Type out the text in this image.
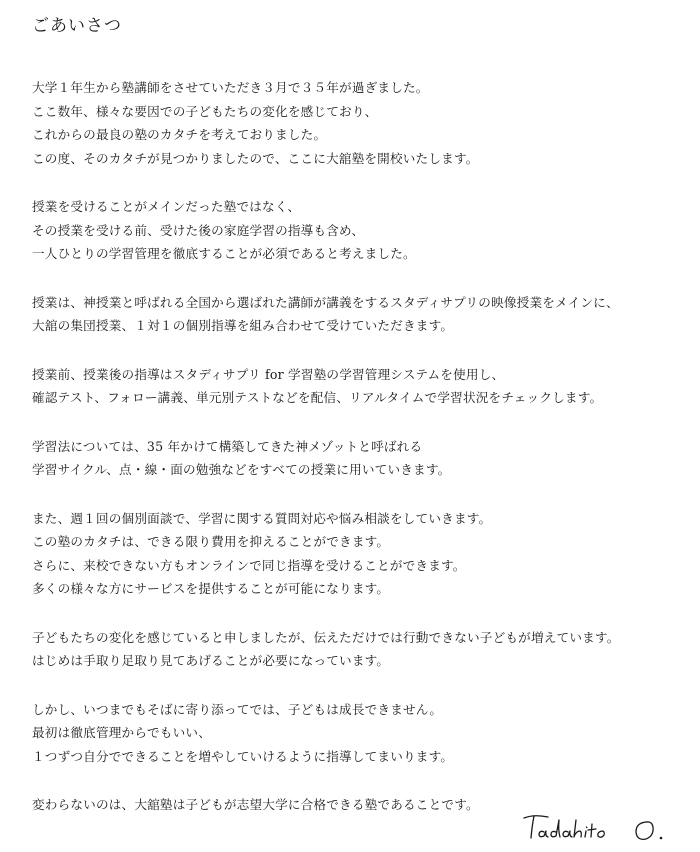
ごあいさつ
大学１年生から塾講師をさせていただき３月で３５年が過ぎました。
ここ数年、様々な要因での子どもたちの変化を感じており、
これからの最良の塾のカタチを考えておりました。
この度、そのカタチが見つかりましたので、ここに大舘塾を開校いたします。
授業を受けることがメインだった塾ではなく、
その授業を受ける前、受けた後の家庭学習の指導も含め、
一人ひとりの学習管理を徹底することが必須であると考えました。
授業は、神授業と呼ばれる全国から選ばれた講師が講義をするスタディサプリの映像授業をメインに、
大舘の集団授業、１対１の個別指導を組み合わせて受けていただきます。
授業前、授業後の指導はスタディサプリ for 学習塾の学習管理システムを使用し、
確認テスト、フォロー講義、単元別テストなどを配信、リアルタイムで学習状況をチェックします。
学習法については、35 年かけて構築してきた神メゾットと呼ばれる
学習サイクル、点・線・面の勉強などをすべての授業に用いていきます。
また、週１回の個別面談で、学習に関する質問対応や悩み相談をしていきます。
この塾のカタチは、できる限り費用を抑えることができます。
さらに、来校できない方もオンラインで同じ指導を受けることができます。
多くの様々な方にサービスを提供することが可能になります。
子どもたちの変化を感じていると申しましたが、伝えただけでは行動できない子どもが増えています。
はじめは手取り足取り見てあげることが必要になっています。
しかし、いつまでもそばに寄り添ってでは、子どもは成長できません。
最初は徹底管理からでもいい、
１つずつ自分でできることを増やしていけるように指導してまいります。
変わらないのは、大舘塾は子どもが志望大学に合格できる塾であることです。
